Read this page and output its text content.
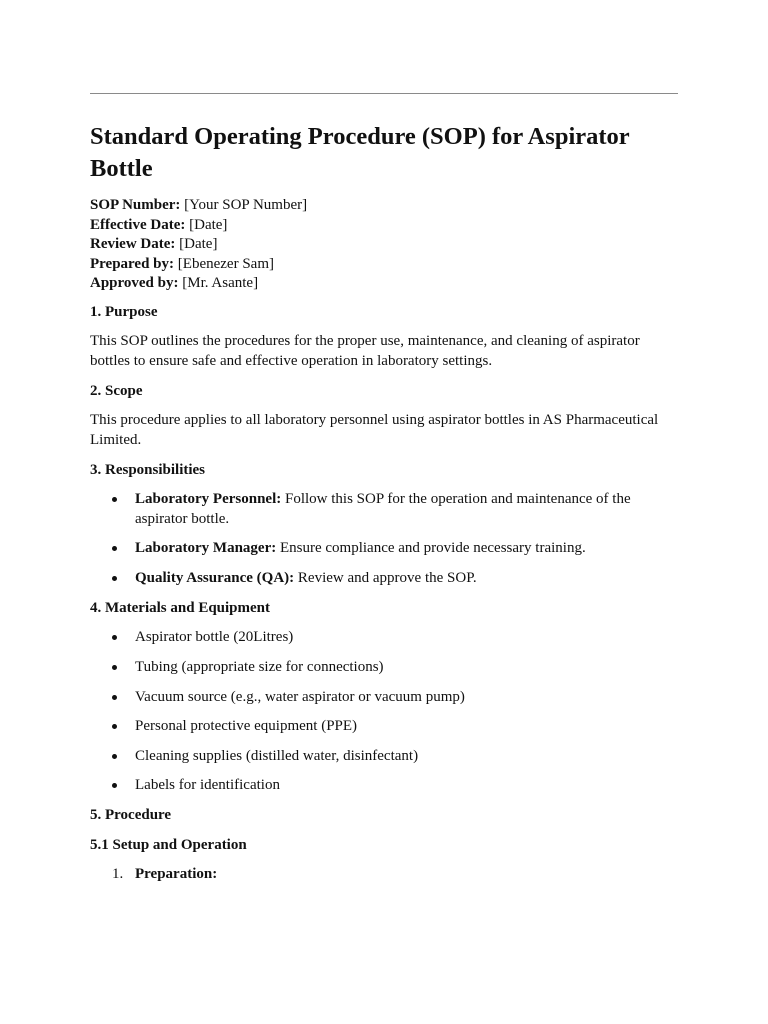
Standard Operating Procedure (SOP) for Aspirator Bottle
SOP Number: [Your SOP Number]
Effective Date: [Date]
Review Date: [Date]
Prepared by: [Ebenezer Sam]
Approved by: [Mr. Asante]
1. Purpose
This SOP outlines the procedures for the proper use, maintenance, and cleaning of aspirator bottles to ensure safe and effective operation in laboratory settings.
2. Scope
This procedure applies to all laboratory personnel using aspirator bottles in AS Pharmaceutical Limited.
3. Responsibilities
Laboratory Personnel: Follow this SOP for the operation and maintenance of the aspirator bottle.
Laboratory Manager: Ensure compliance and provide necessary training.
Quality Assurance (QA): Review and approve the SOP.
4. Materials and Equipment
Aspirator bottle (20Litres)
Tubing (appropriate size for connections)
Vacuum source (e.g., water aspirator or vacuum pump)
Personal protective equipment (PPE)
Cleaning supplies (distilled water, disinfectant)
Labels for identification
5. Procedure
5.1 Setup and Operation
1. Preparation:
